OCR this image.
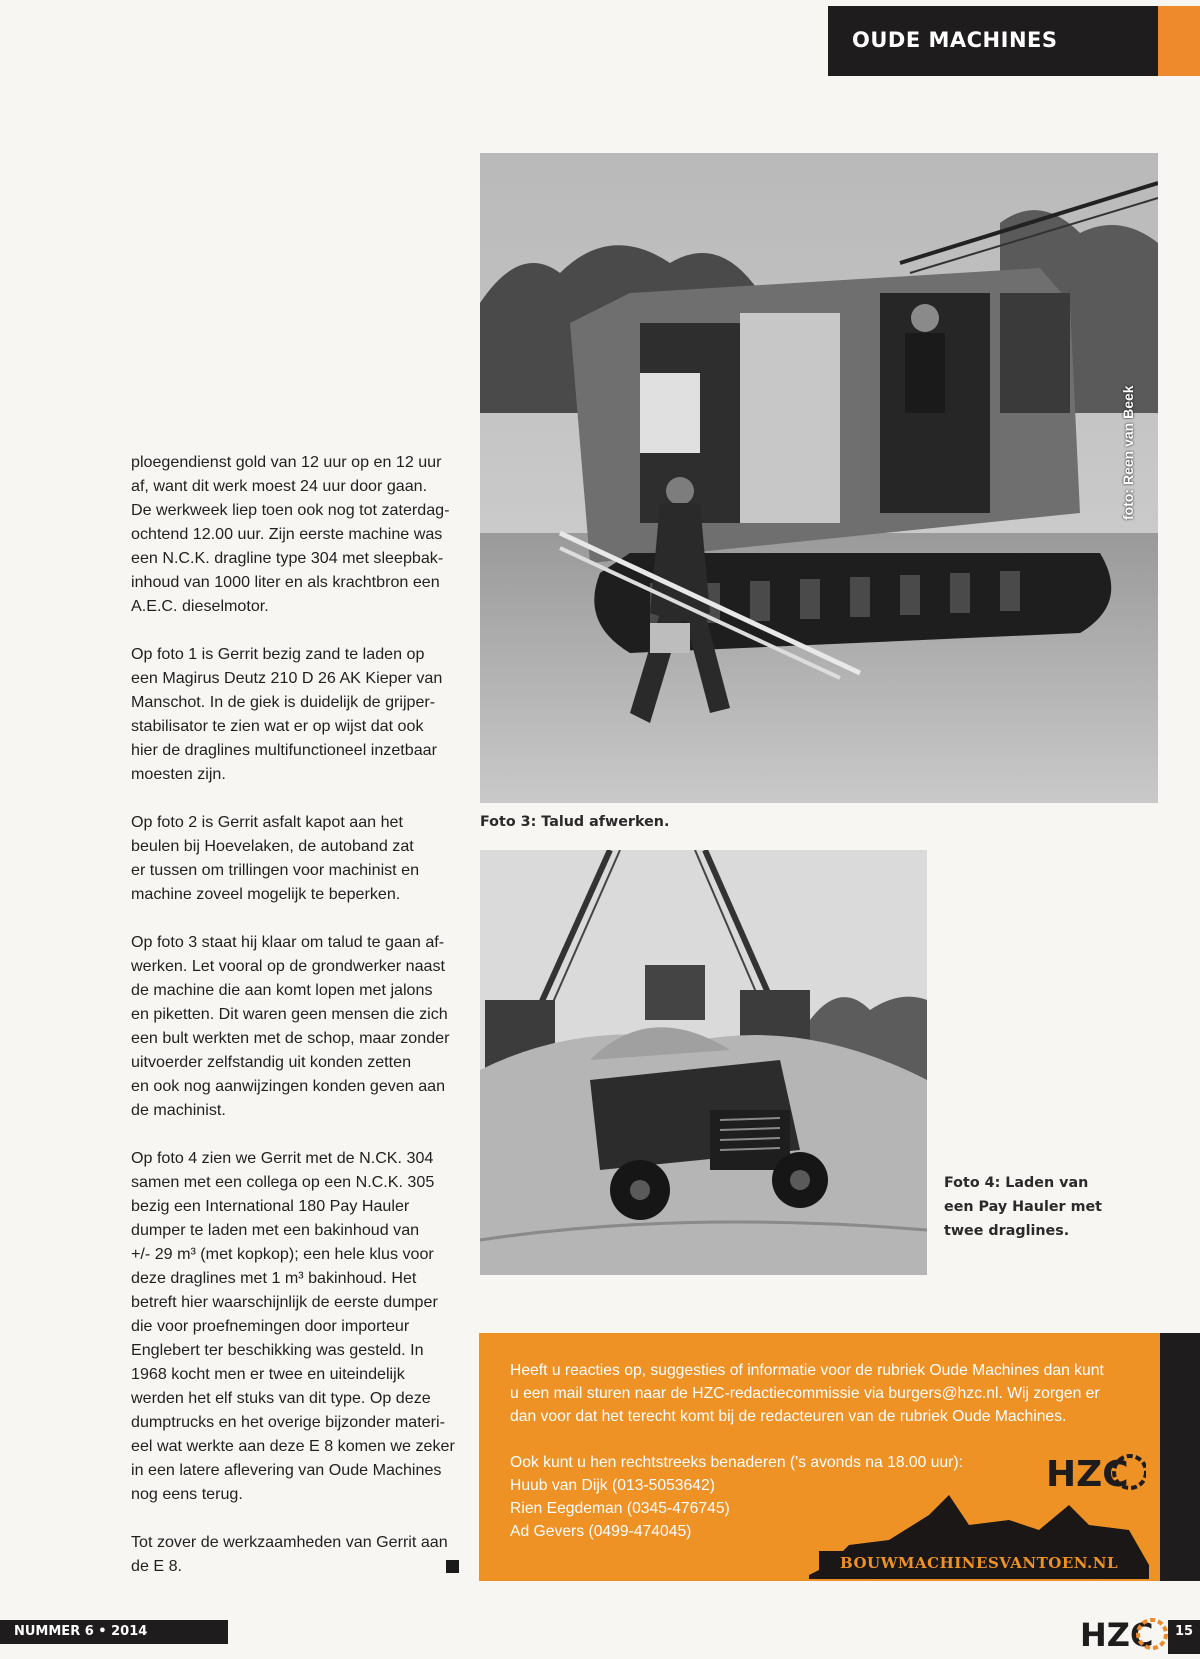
OUDE MACHINES

ploegendienst gold van 12 uur op en 12 uur
af, want dit werk moest 24 uur door gaan.
De werkweek liep toen ook nog tot zaterdag-
ochtend 12.00 uur. Zijn eerste machine was
een N.C.K. dragline type 304 met sleepbak-
inhoud van 1000 liter en als krachtbron een
A.E.C. dieselmotor.

Op foto 1 is Gerrit bezig zand te laden op
een Magirus Deutz 210 D 26 AK Kieper van
Manschot. In de giek is duidelijk de grijper-
stabilisator te zien wat er op wijst dat ook
hier de draglines multifunctioneel inzetbaar
moesten zijn.

Op foto 2 is Gerrit asfalt kapot aan het
beulen bij Hoevelaken, de autoband zat
er tussen om trillingen voor machinist en
machine zoveel mogelijk te beperken.

Op foto 3 staat hij klaar om talud te gaan af-
werken. Let vooral op de grondwerker naast
de machine die aan komt lopen met jalons
en piketten. Dit waren geen mensen die zich
een bult werkten met de schop, maar zonder
uitvoerder zelfstandig uit konden zetten
en ook nog aanwijzingen konden geven aan
de machinist.

Op foto 4 zien we Gerrit met de N.CK. 304
samen met een collega op een N.C.K. 305
bezig een International 180 Pay Hauler
dumper te laden met een bakinhoud van
+/- 29 m³ (met kopkop); een hele klus voor
deze draglines met 1 m³ bakinhoud. Het
betreft hier waarschijnlijk de eerste dumper
die voor proefnemingen door importeur
Englebert ter beschikking was gesteld. In
1968 kocht men er twee en uiteindelijk
werden het elf stuks van dit type. Op deze
dumptrucks en het overige bijzonder materi-
eel wat werkte aan deze E 8 komen we zeker
in een latere aflevering van Oude Machines
nog eens terug.

Tot zover de werkzaamheden van Gerrit aan
de E 8.

foto: Reen van Beek
Foto 3: Talud afwerken.
Foto 4: Laden van
een Pay Hauler met
twee draglines.
Heeft u reacties op, suggesties of informatie voor de rubriek Oude Machines dan kunt
u een mail sturen naar de HZC-redactiecommissie via burgers@hzc.nl. Wij zorgen er
dan voor dat het terecht komt bij de redacteuren van de rubriek Oude Machines.
Ook kunt u hen rechtstreeks benaderen ('s avonds na 18.00 uur):
Huub van Dijk (013-5053642)
Rien Eegdeman (0345-476745)
Ad Gevers (0499-474045)
HZC
BOUWMACHINESVANTOEN.NL
NUMMER 6 • 2014	HZC	15
